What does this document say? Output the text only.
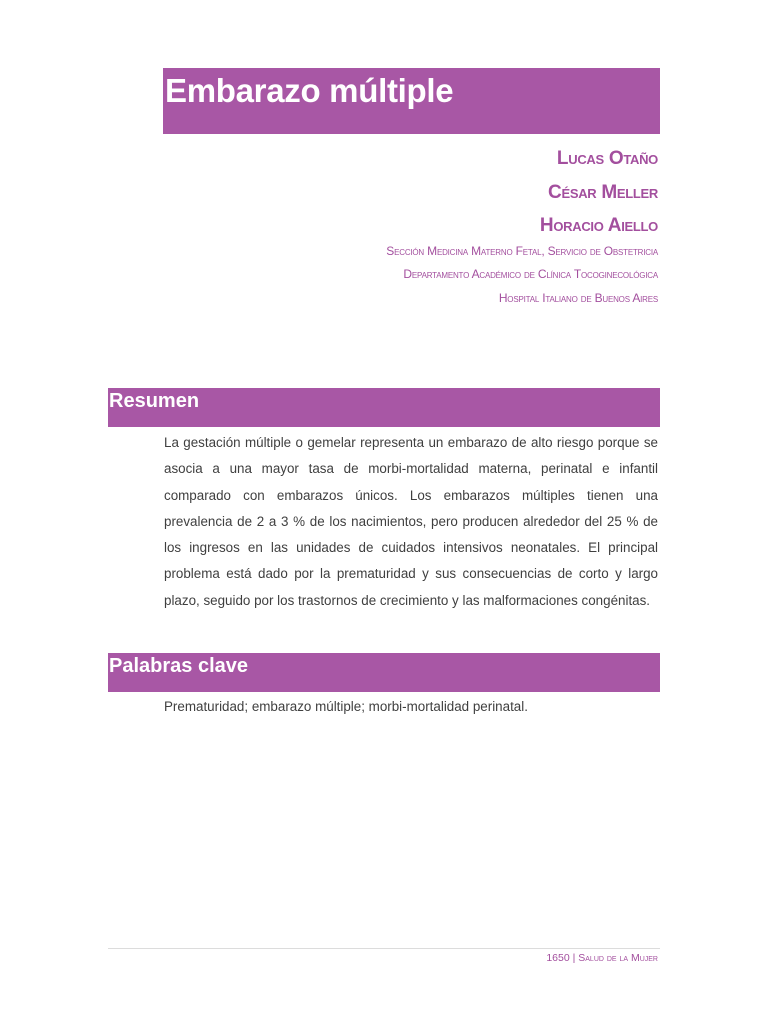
Embarazo múltiple
Lucas Otaño
César Meller
Horacio Aiello
Sección Medicina Materno Fetal, Servicio de Obstetricia
Departamento Académico de Clínica Tocoginecológica
Hospital Italiano de Buenos Aires
Resumen

La gestación múltiple o gemelar representa un embarazo de alto riesgo porque se asocia a una mayor tasa de morbi-mortalidad materna, perinatal e infantil comparado con embarazos únicos. Los embarazos múltiples tienen una prevalencia de 2 a 3 % de los nacimientos, pero producen alrededor del 25 % de los ingresos en las unidades de cuidados intensivos neonatales. El principal problema está dado por la prematuridad y sus consecuencias de corto y largo plazo, seguido por los trastornos de crecimiento y las malformaciones congénitas.

Palabras clave

Prematuridad; embarazo múltiple; morbi-mortalidad perinatal.

1650 | Salud de la Mujer
